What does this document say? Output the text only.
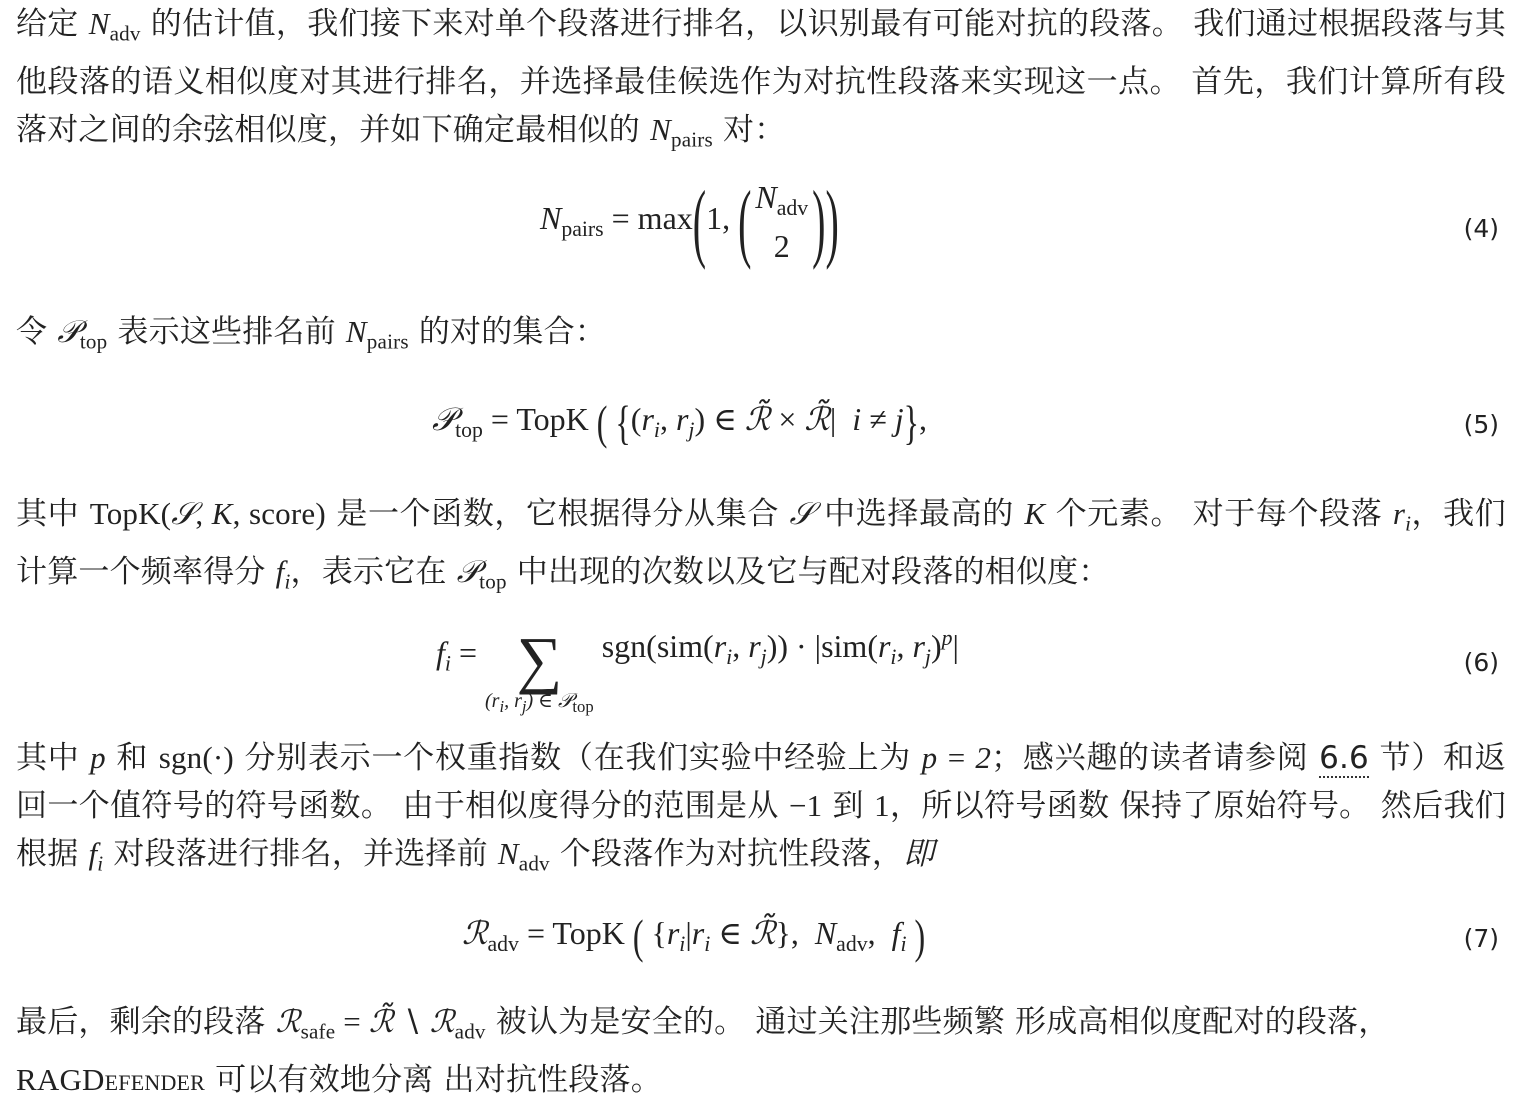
给定 $N_{adv}$ 的估计值，我们接下来对单个段落进行排名，以识别最有可能对抗的段落。 我们通过根据段落与其他段落的语义相似度对其进行排名，并选择最佳候选作为对抗性段落来实现这一点。 首先，我们计算所有段落对之间的余弦相似度，并如下确定最相似的 $N_{pairs}$ 对：
$N_{pairs} = \max(1$, ( $N_{adv}$
2 ))	(4)
令 𝒫$_{top}$ 表示这些排名前 $N_{pairs}$ 的对的集合：
𝒫$_{top}$ = TopK ( {($r_i$, $r_j$) ∈ ℛ̃ × ℛ̃|  i ≠ j},	(5)
其中 TopK(𝒮, K, score) 是一个函数，它根据得分从集合 𝒮 中选择最高的 K 个元素。 对于每个段落 $r_i$，我们计算一个频率得分 $f_i$，表示它在 𝒫$_{top}$ 中出现的次数以及它与配对段落的相似度：
$f_i$ = ∑
($r_i$, $r_j$) ∈ 𝒫$_{top}$
$sgn(sim(r_i$, $r_j)) \cdot |sim(r_i$, $r_j)^p|$	(6)
其中 p 和 sgn(·) 分别表示一个权重指数（在我们实验中经验上为 p = 2；感兴趣的读者请参阅 6.6 节）和返回一个值符号的符号函数。 由于相似度得分的范围是从 −1 到 1，所以符号函数 保持了原始符号。 然后我们根据 $f_i$ 对段落进行排名，并选择前 $N_{adv}$ 个段落作为对抗性段落，即
ℛ$_{adv}$ = TopK ( {$r_i|r_i$ ∈ ℛ̃},  $N_{adv}$,  $f_i$ )	(7)
最后，剩余的段落 ℛ$_{safe}$ = ℛ̃ ∖ ℛ$_{adv}$ 被认为是安全的。 通过关注那些频繁 形成高相似度配对的段落，
RAGDefender 可以有效地分离 出对抗性段落。
